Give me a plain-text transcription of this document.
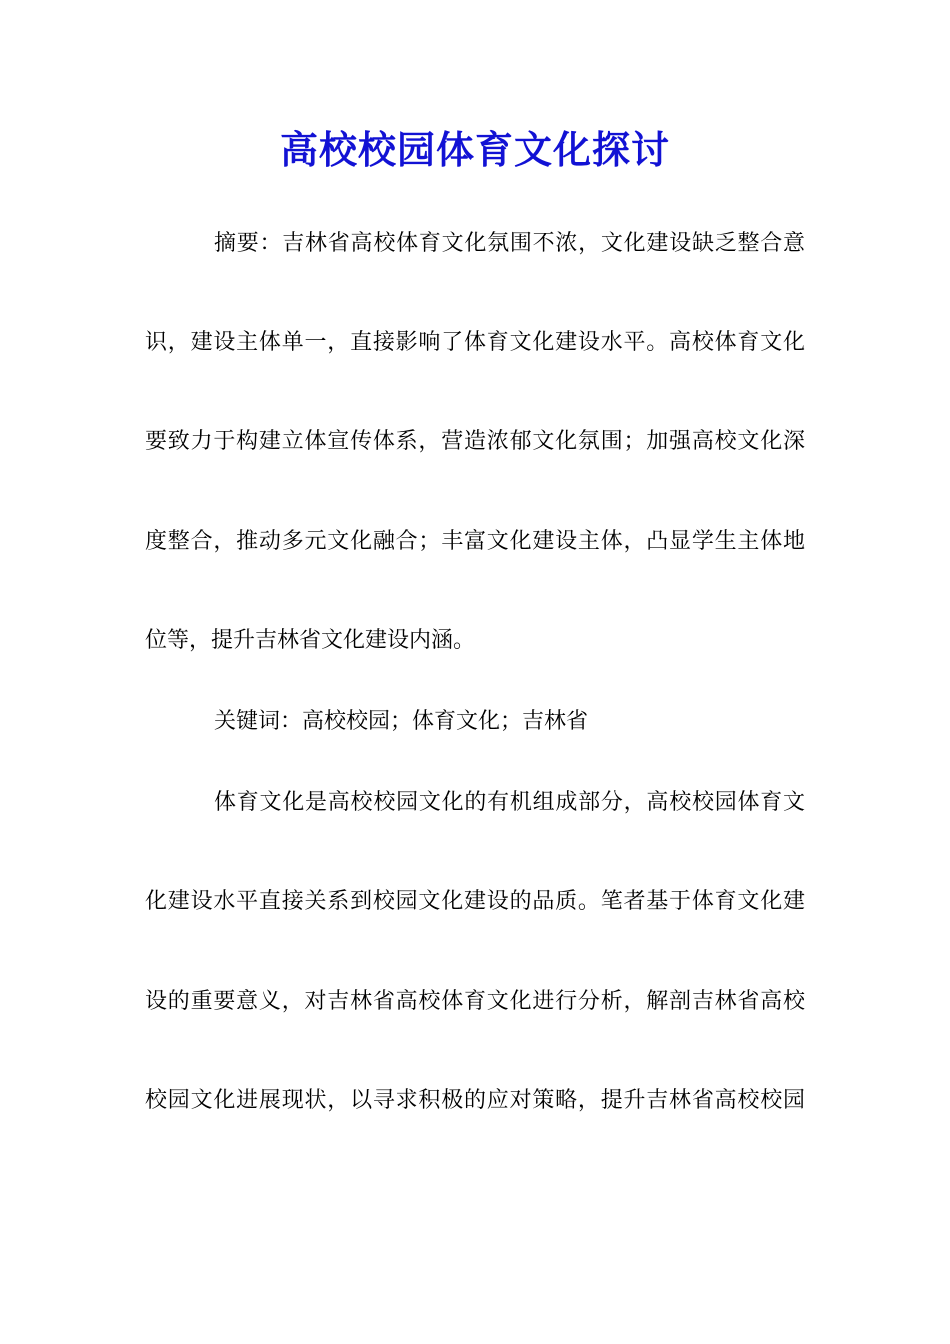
高校校园体育文化探讨
摘要：吉林省高校体育文化氛围不浓，文化建设缺乏整合意
识，建设主体单一，直接影响了体育文化建设水平。高校体育文化
要致力于构建立体宣传体系，营造浓郁文化氛围；加强高校文化深
度整合，推动多元文化融合；丰富文化建设主体，凸显学生主体地
位等，提升吉林省文化建设内涵。
关键词：高校校园；体育文化；吉林省
体育文化是高校校园文化的有机组成部分，高校校园体育文
化建设水平直接关系到校园文化建设的品质。笔者基于体育文化建
设的重要意义，对吉林省高校体育文化进行分析，解剖吉林省高校
校园文化进展现状，以寻求积极的应对策略，提升吉林省高校校园
